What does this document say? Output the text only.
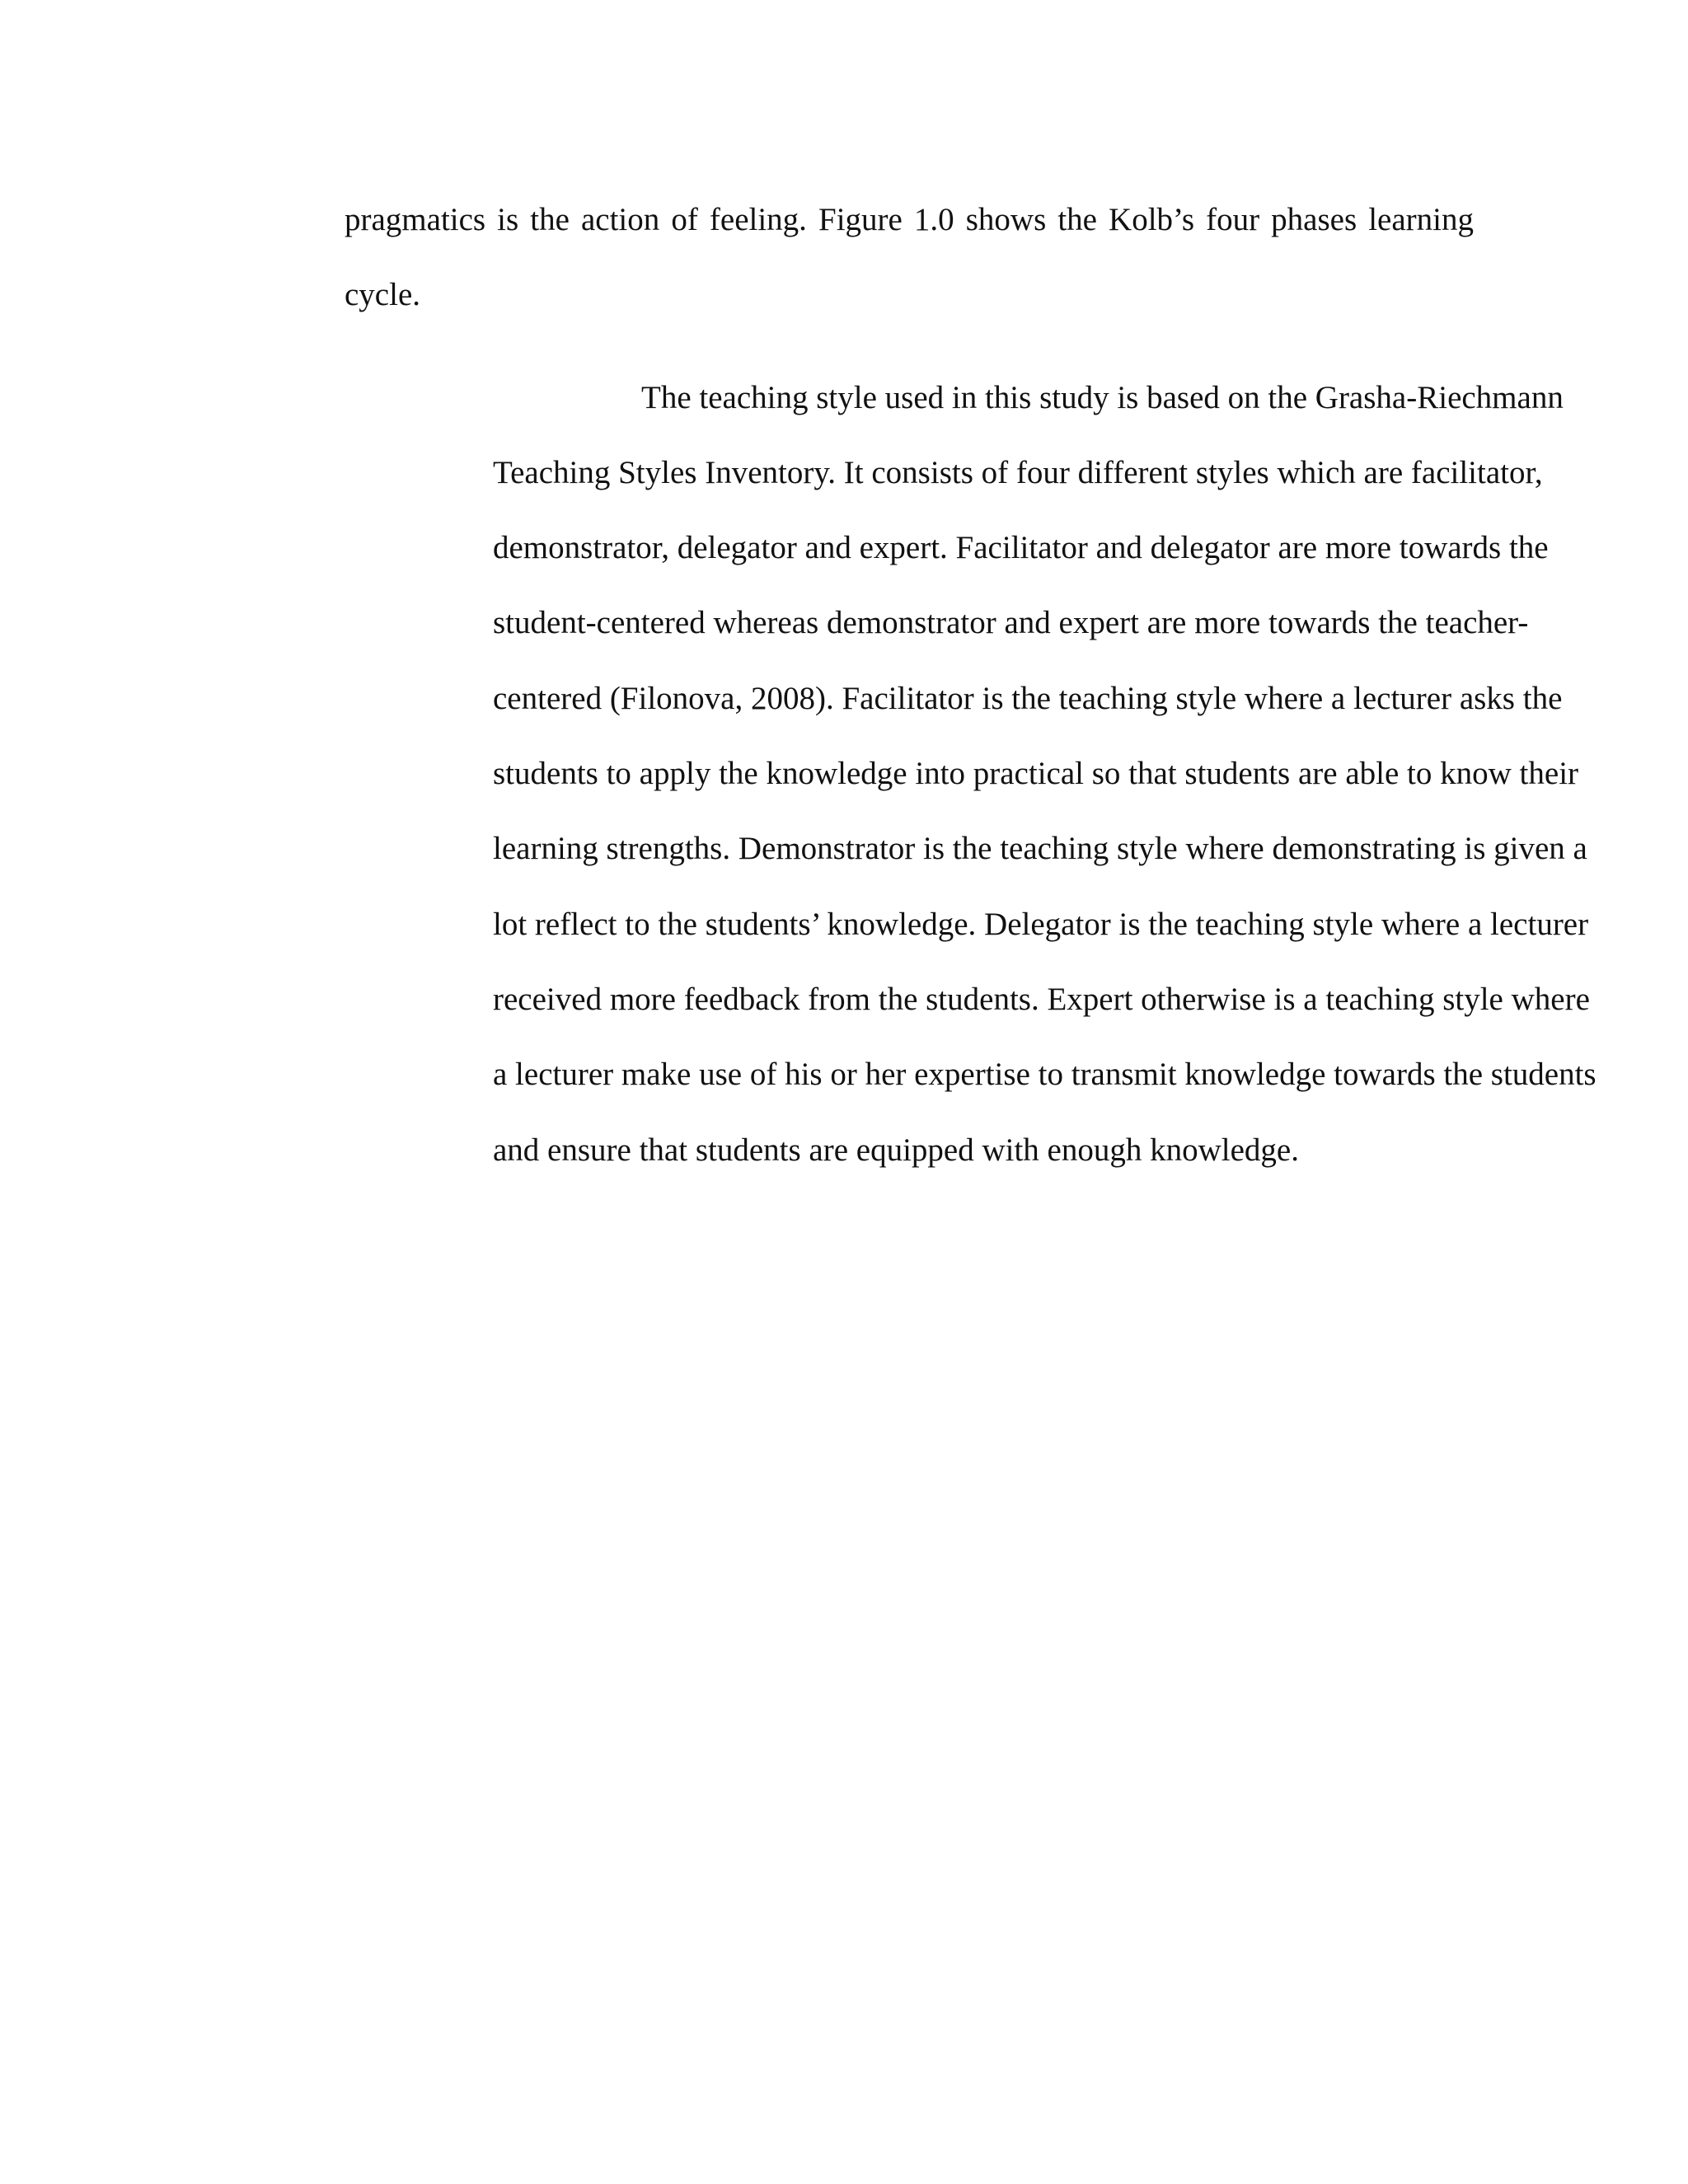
pragmatics is the action of feeling. Figure 1.0 shows the Kolb’s four phases learning
cycle.
The teaching style used in this study is based on the Grasha-Riechmann
Teaching Styles Inventory. It consists of four different styles which are facilitator,
demonstrator, delegator and expert. Facilitator and delegator are more towards the
student-centered whereas demonstrator and expert are more towards the teacher-
centered (Filonova, 2008). Facilitator is the teaching style where a lecturer asks the
students to apply the knowledge into practical so that students are able to know their
learning strengths. Demonstrator is the teaching style where demonstrating is given a
lot reflect to the students’ knowledge. Delegator is the teaching style where a lecturer
received more feedback from the students. Expert otherwise is a teaching style where
a lecturer make use of his or her expertise to transmit knowledge towards the students
and ensure that students are equipped with enough knowledge.
